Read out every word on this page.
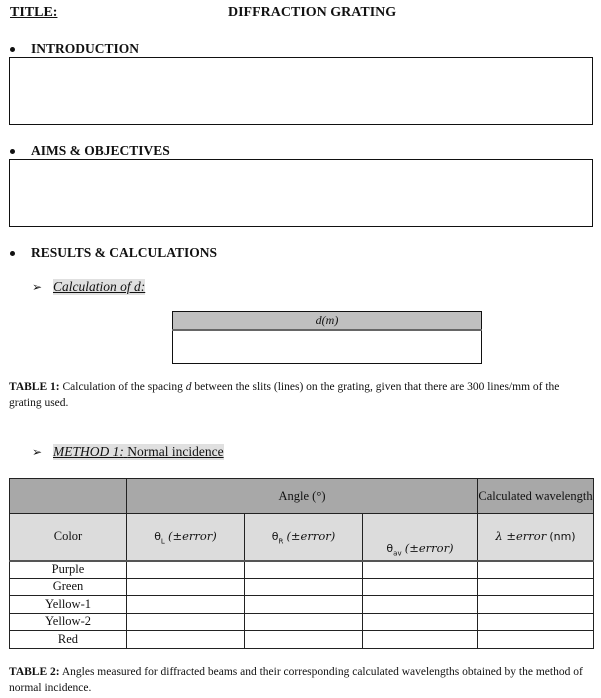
TITLE:	DIFFRACTION GRATING
INTRODUCTION
AIMS & OBJECTIVES
RESULTS & CALCULATIONS
➢ Calculation of d:
d(m)

TABLE 1: Calculation of the spacing d between the slits (lines) on the grating, given that there are 300 lines/mm of the grating used.
➢ METHOD 1: Normal incidence
	Angle (°)			Calculated wavelength
Color	$\theta_L$ (±error)	$\theta_R$ (±error)	$\theta_{av}$ (±error)	λ ±error (nm)
Purple				
Green				
Yellow-1				
Yellow-2				
Red				
TABLE 2: Angles measured for diffracted beams and their corresponding calculated wavelengths obtained by the method of normal incidence.
